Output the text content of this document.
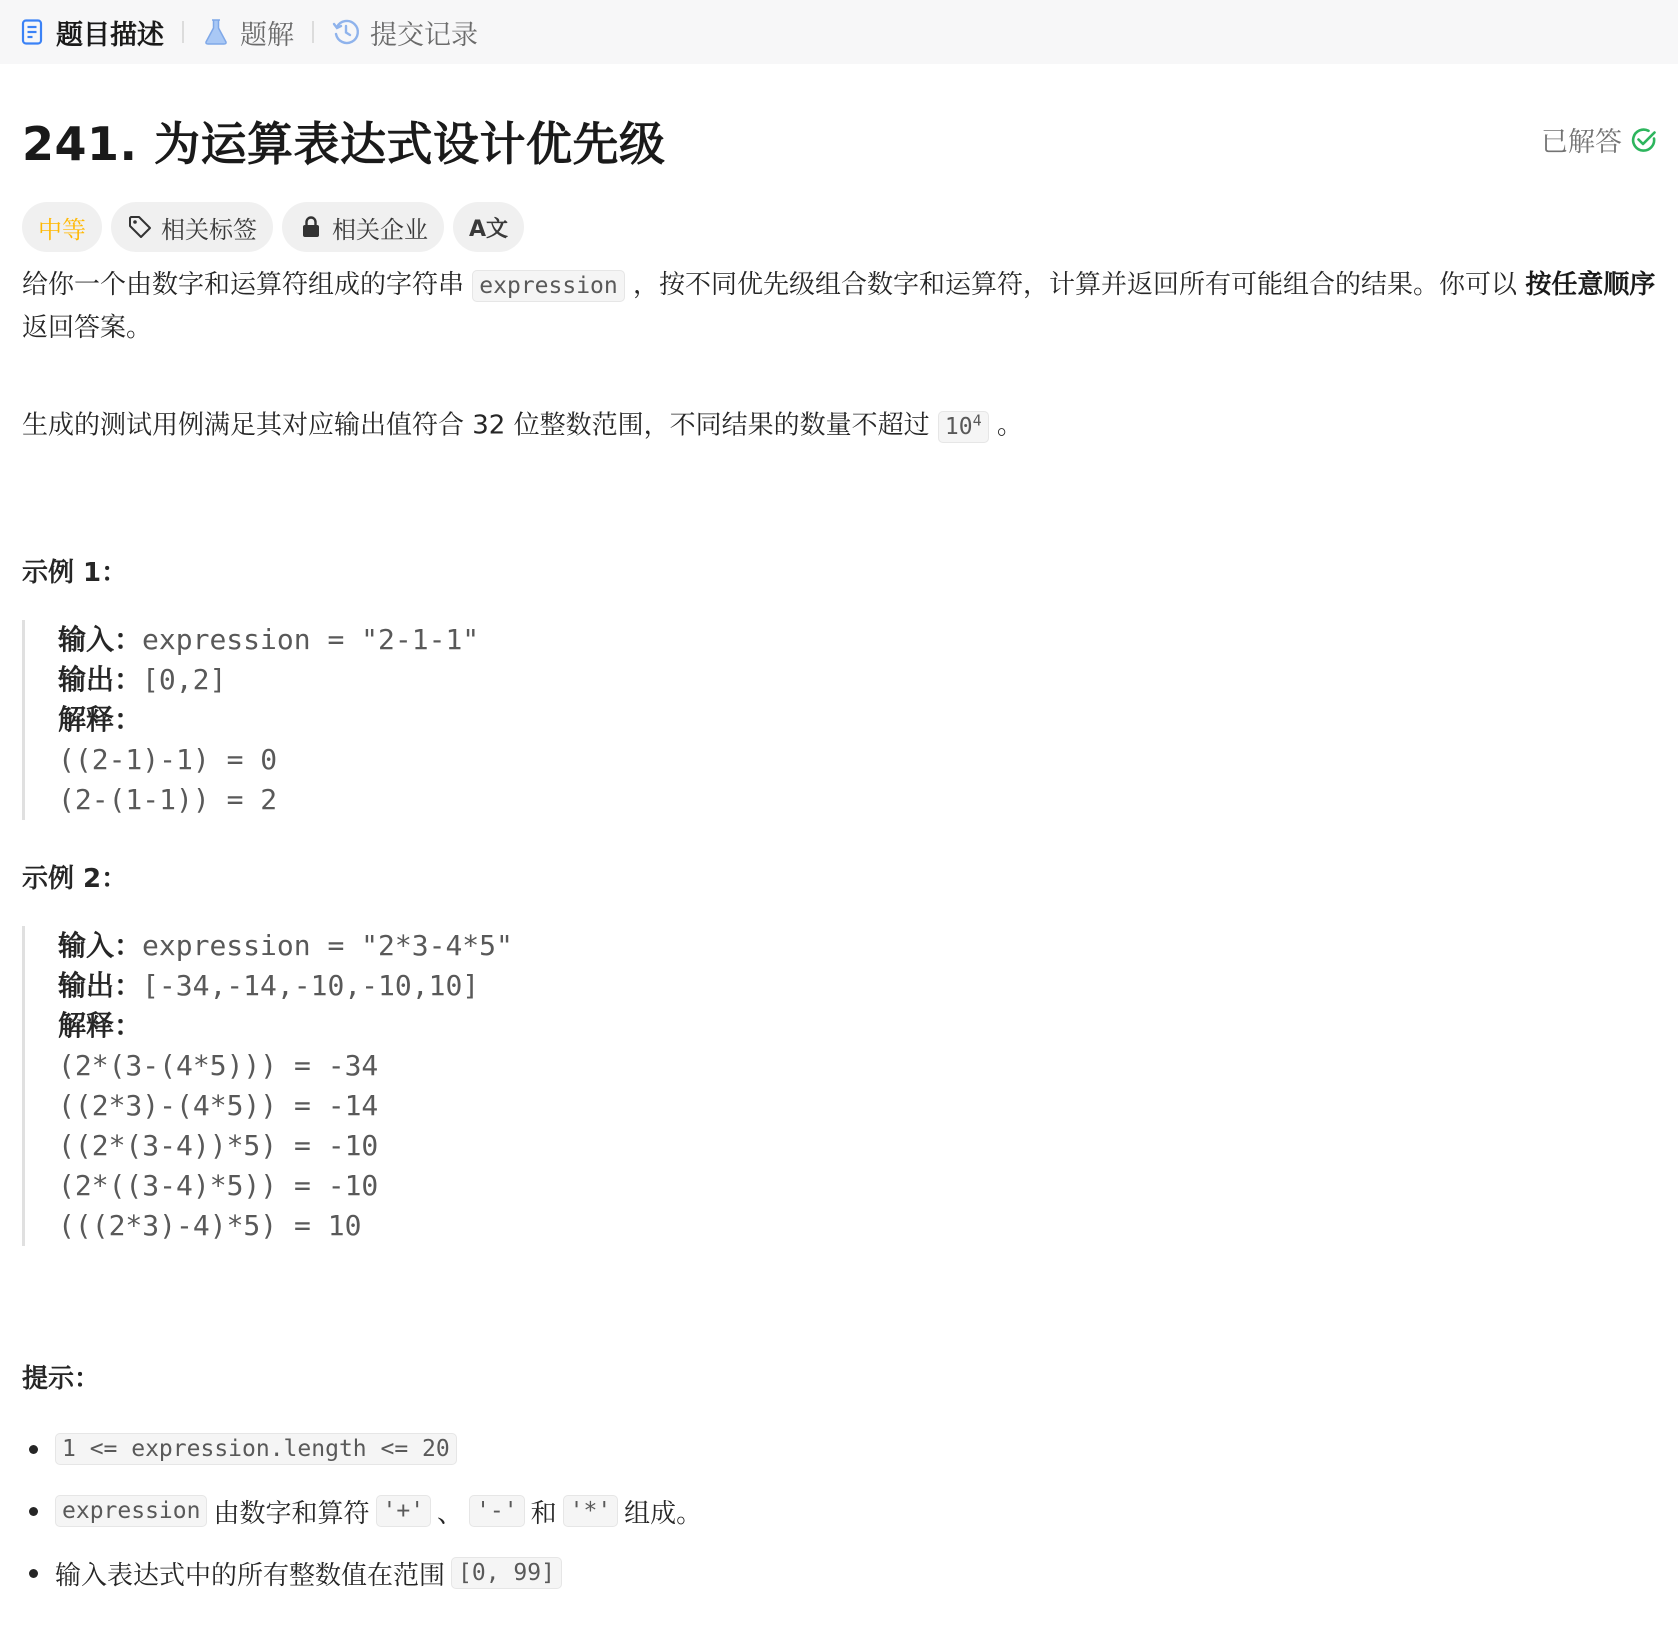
题目描述	题解	提交记录
241. 为运算表达式设计优先级	已解答
中等	相关标签	相关企业 A文
给你一个由数字和运算符组成的字符串 expression ，按不同优先级组合数字和运算符，计算并返回所有可能组合的结果。你可以 按任意顺序 返回答案。
生成的测试用例满足其对应输出值符合 32 位整数范围，不同结果的数量不超过 $10^4$ 。
示例 1：
输入：expression = "2-1-1"
输出：[0,2]
解释：
((2-1)-1) = 0
(2-(1-1)) = 2
示例 2：
输入：expression = "2*3-4*5"
输出：[-34,-14,-10,-10,10]
解释：
(2*(3-(4*5))) = -34
((2*3)-(4*5)) = -14
((2*(3-4))*5) = -10
(2*((3-4)*5)) = -10
(((2*3)-4)*5) = 10
提示：
1 <= expression.length <= 20
expression 由数字和算符 '+' 、 '-' 和 '*' 组成。
输入表达式中的所有整数值在范围 [0, 99]
